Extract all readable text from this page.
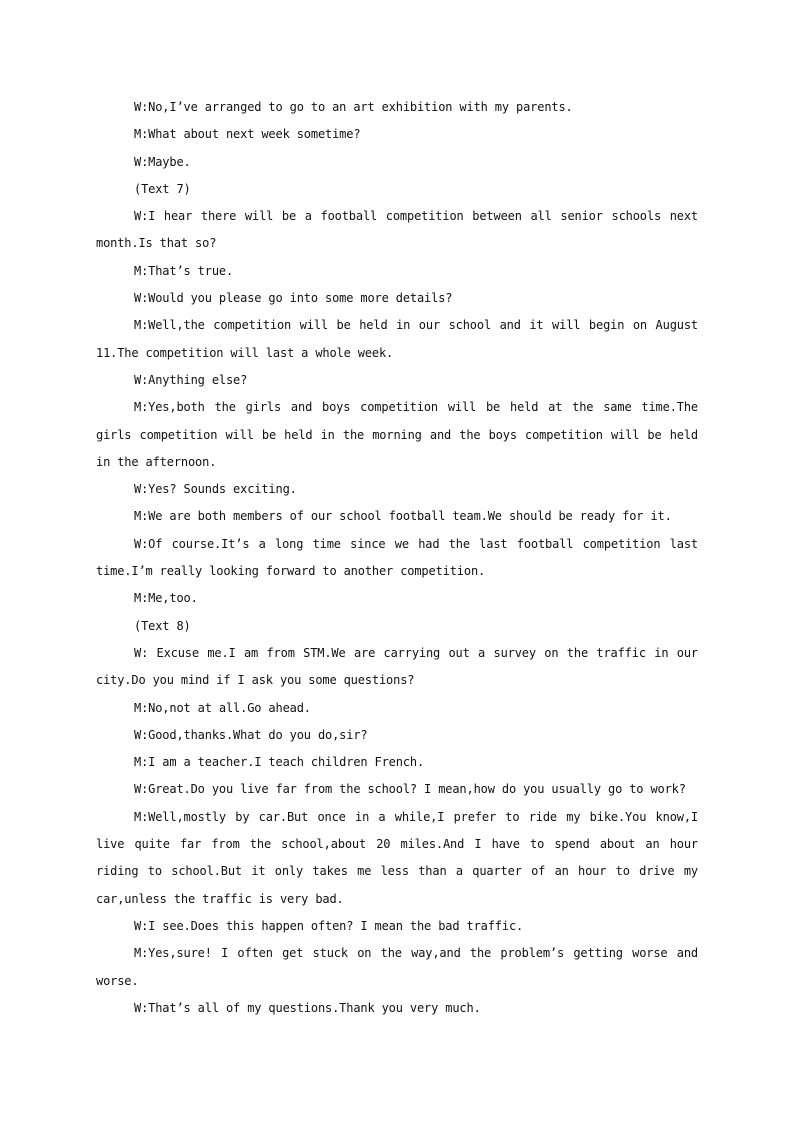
W:No,I’ve arranged to go to an art exhibition with my parents.

M:What about next week sometime?

W:Maybe.

(Text 7)

W:I hear there will be a football competition between all senior schools next month.Is that so?

M:That’s true.

W:Would you please go into some more details?

M:Well,the competition will be held in our school and it will begin on August 11.The competition will last a whole week.

W:Anything else?

M:Yes,both the girls and boys competition will be held at the same time.The girls competition will be held in the morning and the boys competition will be held in the afternoon.

W:Yes? Sounds exciting.

M:We are both members of our school football team.We should be ready for it.

W:Of course.It’s a long time since we had the last football competition last time.I’m really looking forward to another competition.

M:Me,too.

(Text 8)

W: Excuse me.I am from STM.We are carrying out a survey on the traffic in our city.Do you mind if I ask you some questions?

M:No,not at all.Go ahead.

W:Good,thanks.What do you do,sir?

M:I am a teacher.I teach children French.

W:Great.Do you live far from the school? I mean,how do you usually go to work?

M:Well,mostly by car.But once in a while,I prefer to ride my bike.You know,I live quite far from the school,about 20 miles.And I have to spend about an hour riding to school.But it only takes me less than a quarter of an hour to drive my car,unless the traffic is very bad.

W:I see.Does this happen often? I mean the bad traffic.

M:Yes,sure! I often get stuck on the way,and the problem’s getting worse and worse.

W:That’s all of my questions.Thank you very much.
